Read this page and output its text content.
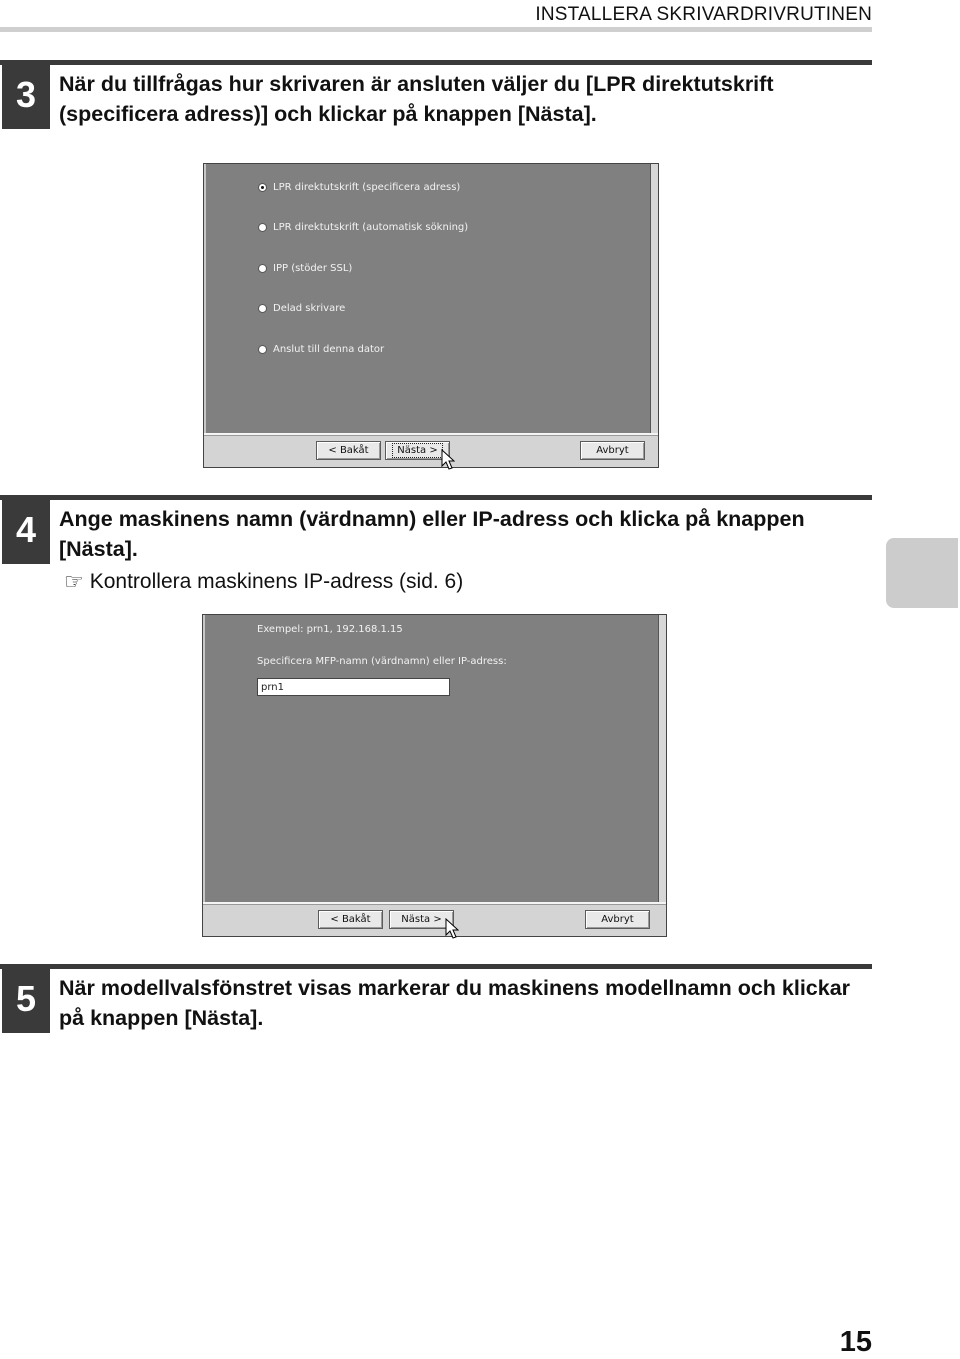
INSTALLERA SKRIVARDRIVRUTINEN
3	När du tillfrågas hur skrivaren är ansluten väljer du [LPR direktutskrift (specificera adress)] och klickar på knappen [Nästa].
LPR direktutskrift (specificera adress)
LPR direktutskrift (automatisk sökning)
IPP (stöder SSL)
Delad skrivare
Anslut till denna dator
< Bakåt	Nästa >	Avbryt
4	Ange maskinens namn (värdnamn) eller IP-adress och klicka på knappen [Nästa].
☞ Kontrollera maskinens IP-adress (sid. 6)
Exempel: prn1, 192.168.1.15
Specificera MFP-namn (värdnamn) eller IP-adress:
prn1
< Bakåt	Nästa >	Avbryt
5	När modellvalsfönstret visas markerar du maskinens modellnamn och klickar på knappen [Nästa].
15
